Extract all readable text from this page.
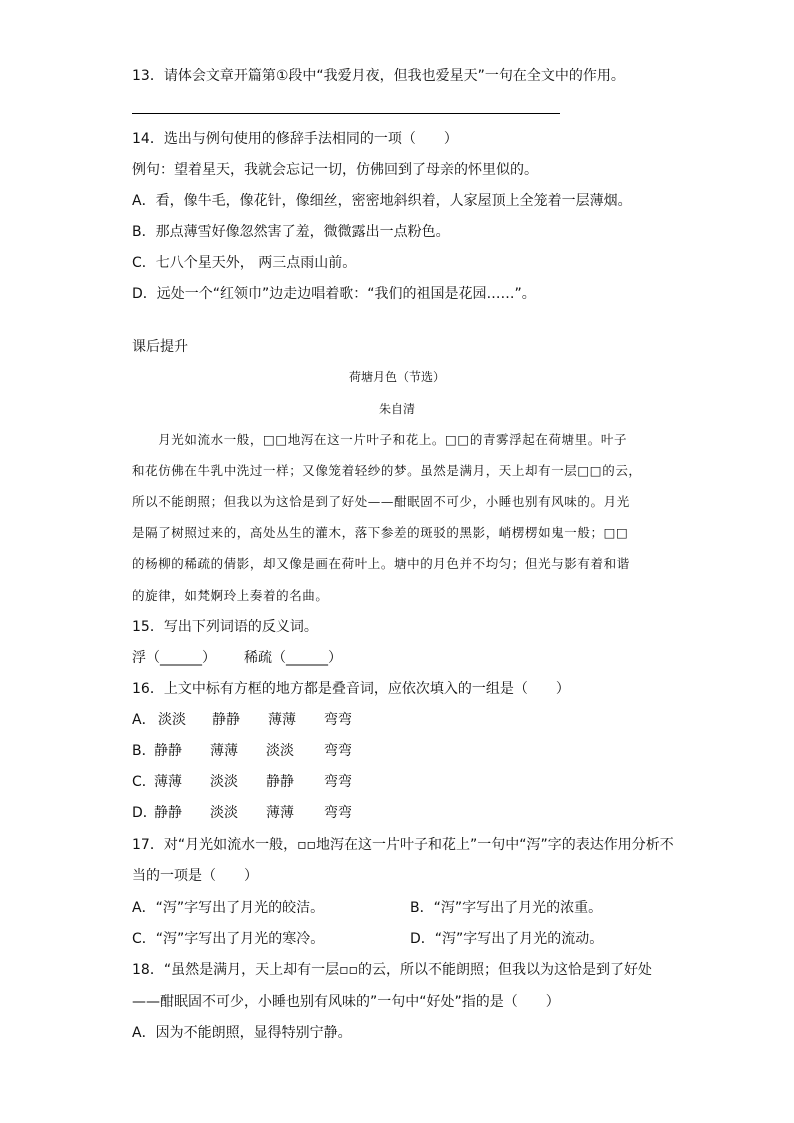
13．请体会文章开篇第①段中“我爱月夜，但我也爱星天”一句在全文中的作用。
14．选出与例句使用的修辞手法相同的一项（　　）
例句：望着星天，我就会忘记一切，仿佛回到了母亲的怀里似的。
A．看，像牛毛，像花针，像细丝，密密地斜织着，人家屋顶上全笼着一层薄烟。
B．那点薄雪好像忽然害了羞，微微露出一点粉色。
C．七八个星天外， 两三点雨山前。
D．远处一个“红领巾”边走边唱着歌：“我们的祖国是花园……”。
课后提升
荷塘月色（节选）
朱自清
　　月光如流水一般，□□地泻在这一片叶子和花上。□□的青雾浮起在荷塘里。叶子
和花仿佛在牛乳中洗过一样；又像笼着轻纱的梦。虽然是满月，天上却有一层□□的云，
所以不能朗照；但我以为这恰是到了好处——酣眠固不可少，小睡也别有风味的。月光
是隔了树照过来的，高处丛生的灌木，落下参差的斑驳的黑影，峭楞楞如鬼一般；□□
的杨柳的稀疏的倩影，却又像是画在荷叶上。塘中的月色并不均匀；但光与影有着和谐
的旋律，如梵婀玲上奏着的名曲。
15．写出下列词语的反义词。
浮（______） 稀疏（______）
16．上文中标有方框的地方都是叠音词，应依次填入的一组是（　　）
A． 淡淡 静静 薄薄 弯弯
B．
静静 薄薄 淡淡 弯弯
C．
薄薄 淡淡 静静 弯弯
D．
静静 淡淡 薄薄 弯弯
17．对“月光如流水一般，▫▫地泻在这一片叶子和花上”一句中“泻”字的表达作用分析不
当的一项是（　　）
A．“泻”字写出了月光的皎洁。	B．“泻”字写出了月光的浓重。
C．“泻”字写出了月光的寒冷。	D．“泻”字写出了月光的流动。
18．“虽然是满月，天上却有一层▫▫的云，所以不能朗照；但我以为这恰是到了好处
——酣眠固不可少，小睡也别有风味的”一句中“好处”指的是（　　）
A．因为不能朗照，显得特别宁静。
